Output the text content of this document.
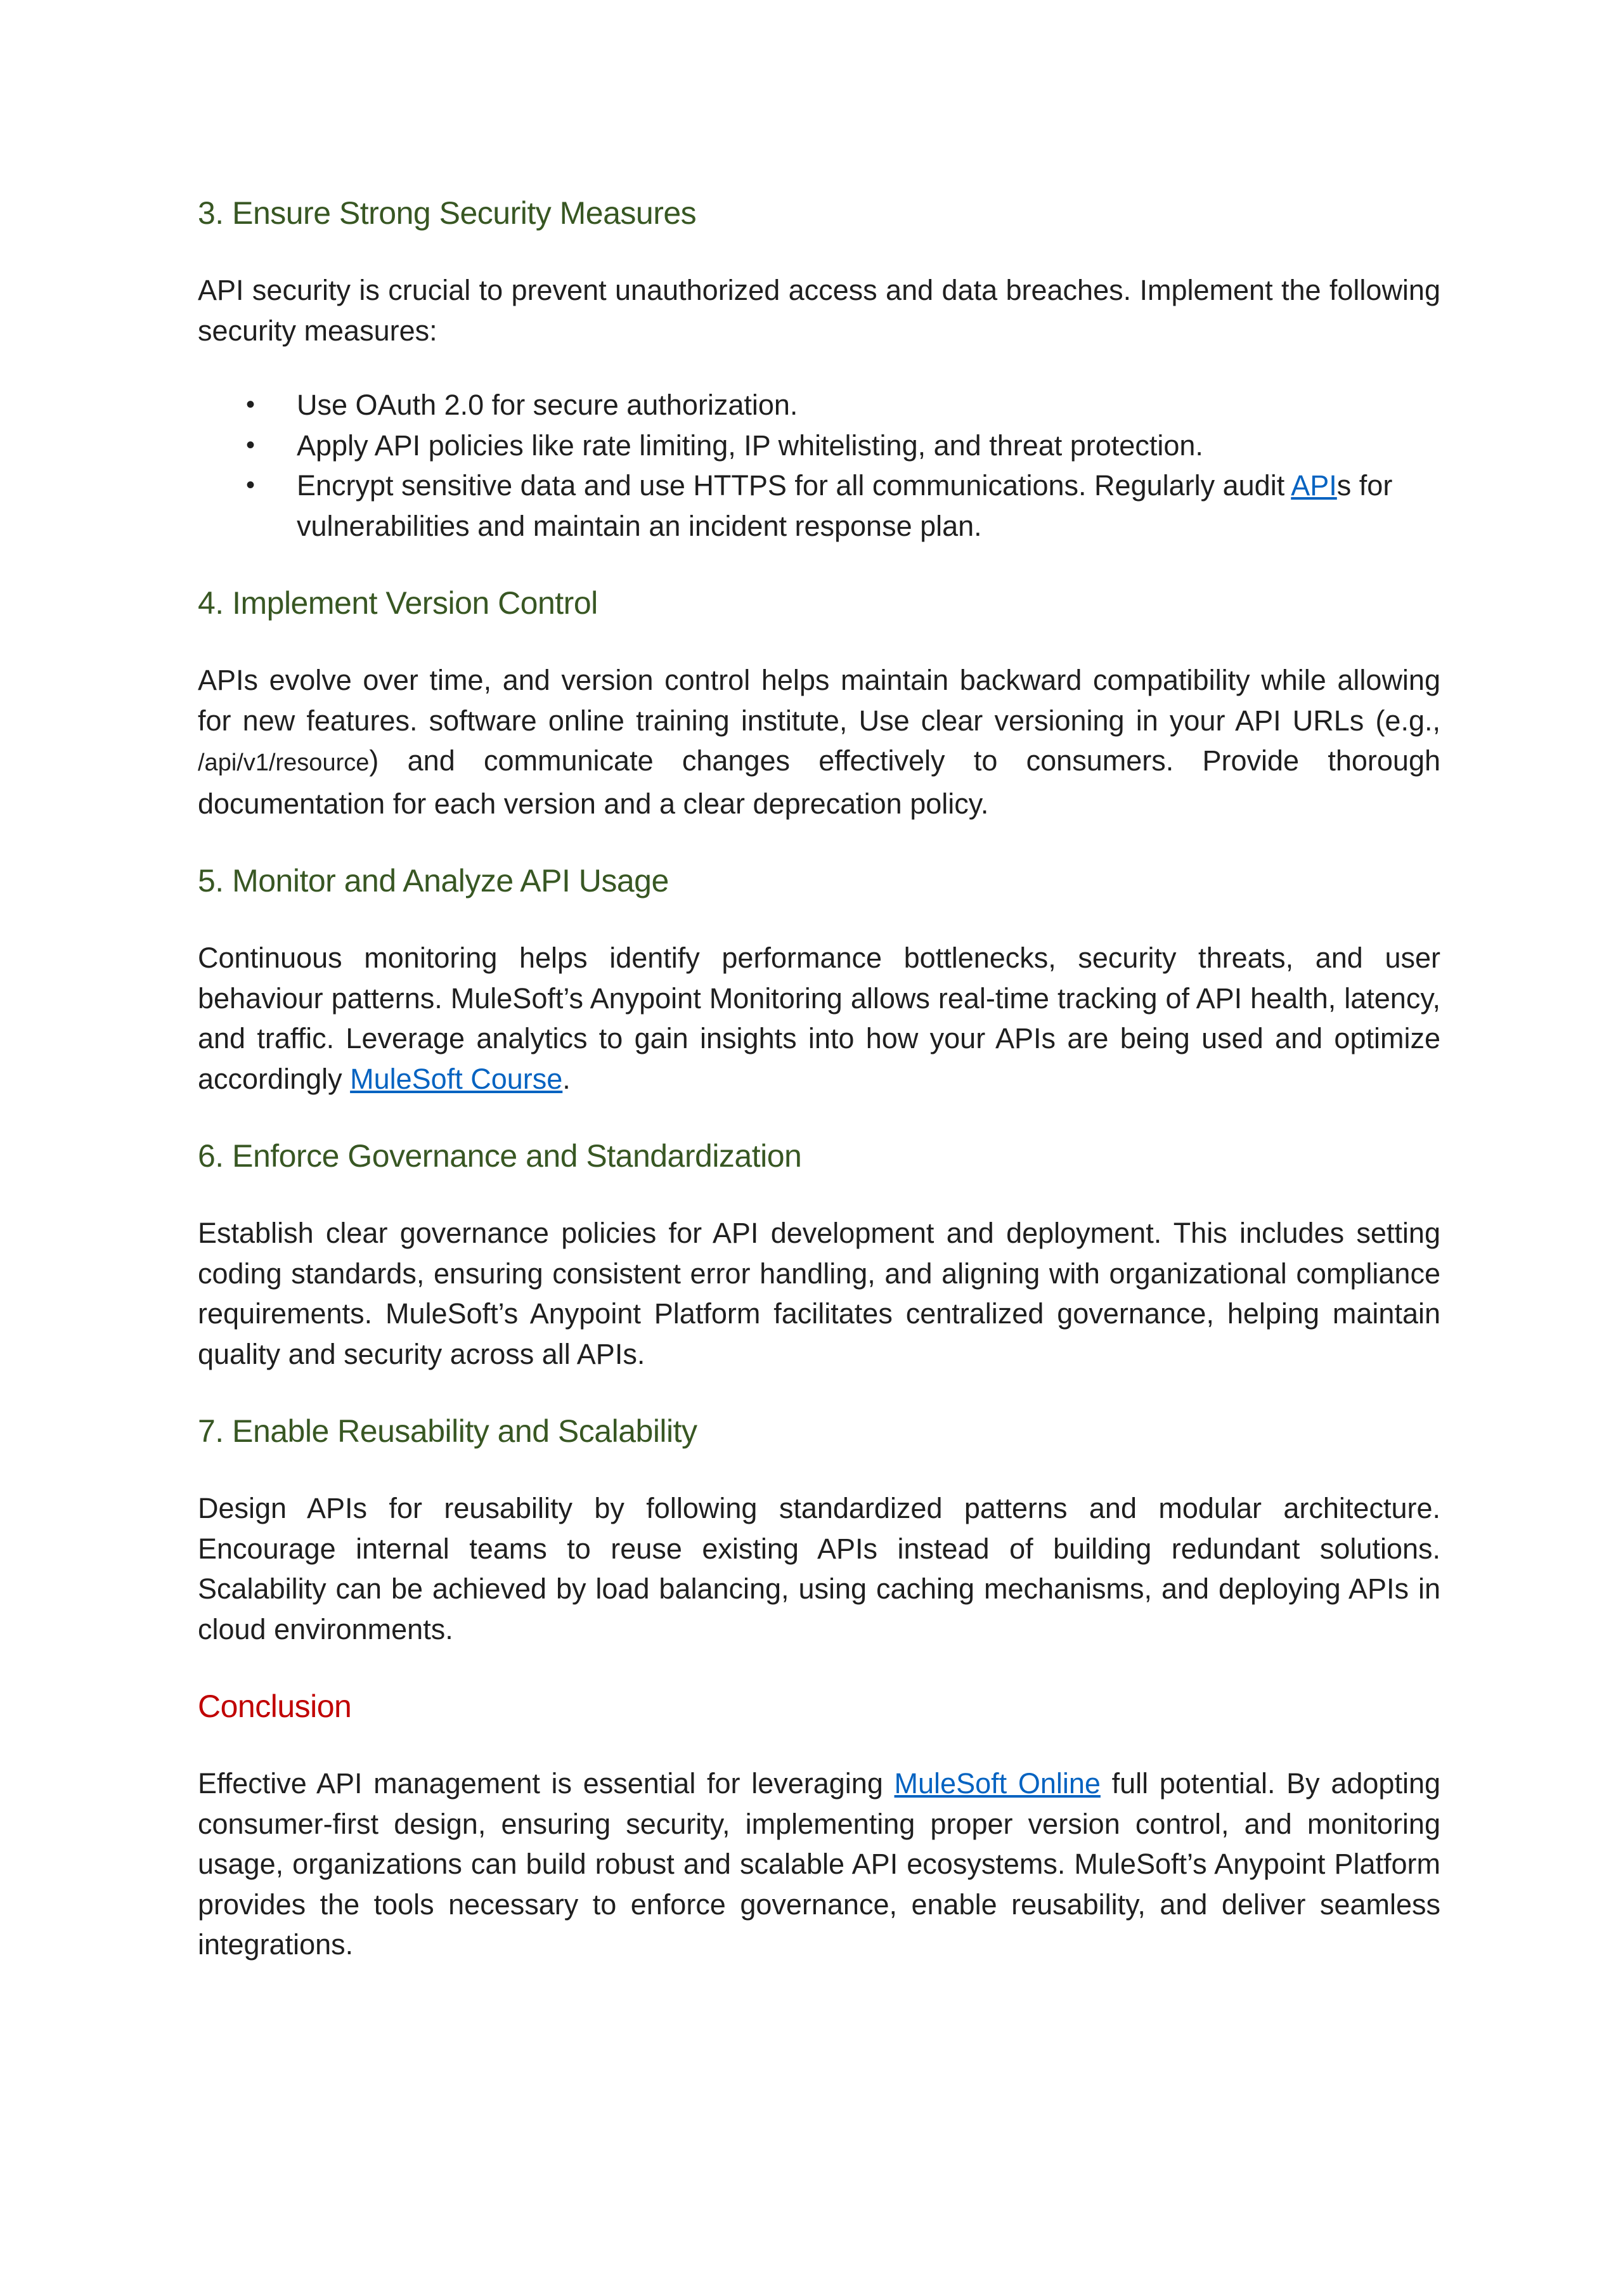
3. Ensure Strong Security Measures

API security is crucial to prevent unauthorized access and data breaches. Implement the following security measures:

• Use OAuth 2.0 for secure authorization.
• Apply API policies like rate limiting, IP whitelisting, and threat protection.
• Encrypt sensitive data and use HTTPS for all communications. Regularly audit APIs for vulnerabilities and maintain an incident response plan.
4. Implement Version Control

APIs evolve over time, and version control helps maintain backward compatibility while allowing for new features. software online training institute, Use clear versioning in your API URLs (e.g., /api/v1/resource) and communicate changes effectively to consumers. Provide thorough documentation for each version and a clear deprecation policy.

5. Monitor and Analyze API Usage

Continuous monitoring helps identify performance bottlenecks, security threats, and user behaviour patterns. MuleSoft’s Anypoint Monitoring allows real-time tracking of API health, latency, and traffic. Leverage analytics to gain insights into how your APIs are being used and optimize accordingly MuleSoft Course.

6. Enforce Governance and Standardization

Establish clear governance policies for API development and deployment. This includes setting coding standards, ensuring consistent error handling, and aligning with organizational compliance requirements. MuleSoft’s Anypoint Platform facilitates centralized governance, helping maintain quality and security across all APIs.

7. Enable Reusability and Scalability

Design APIs for reusability by following standardized patterns and modular architecture. Encourage internal teams to reuse existing APIs instead of building redundant solutions. Scalability can be achieved by load balancing, using caching mechanisms, and deploying APIs in cloud environments.

Conclusion

Effective API management is essential for leveraging MuleSoft Online full potential. By adopting consumer-first design, ensuring security, implementing proper version control, and monitoring usage, organizations can build robust and scalable API ecosystems. MuleSoft’s Anypoint Platform provides the tools necessary to enforce governance, enable reusability, and deliver seamless integrations.
